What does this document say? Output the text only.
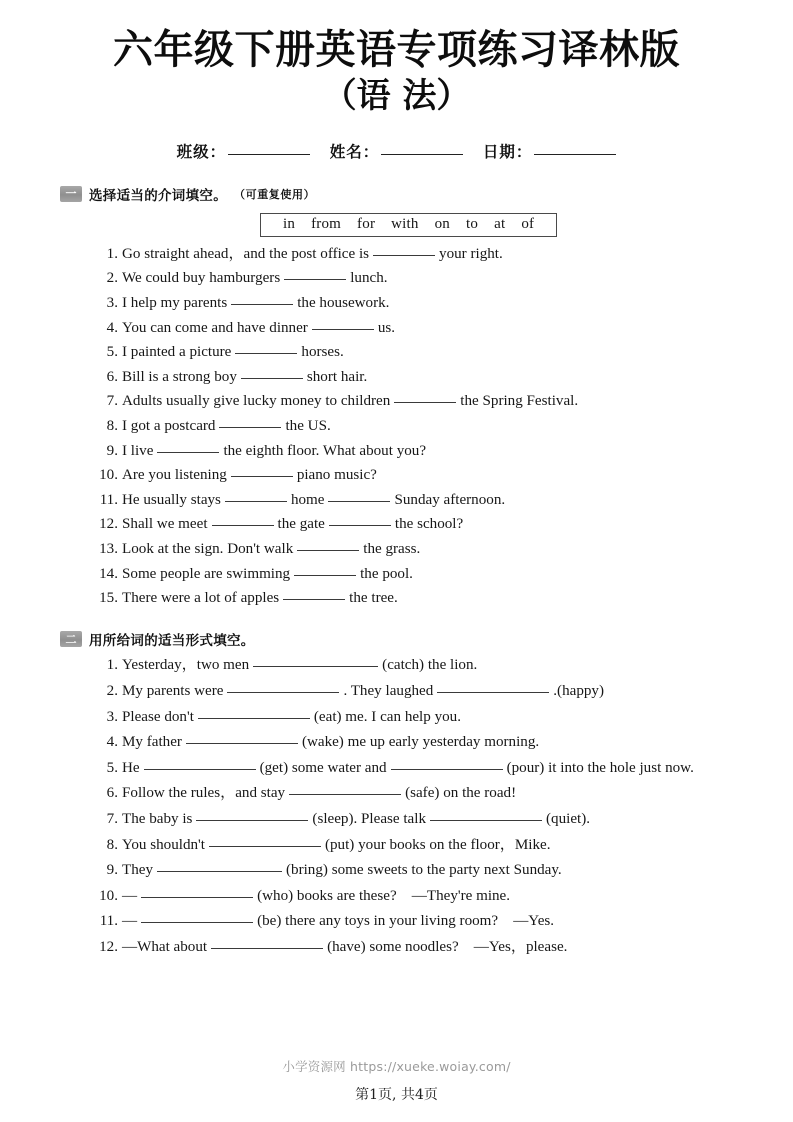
六年级下册英语专项练习译林版
（语 法）
班级：	姓名：	日期：
一 选择适当的介词填空。 （可重复使用）
in from for with on to at of
1. Go straight ahead，and the post office is	your right.
2. We could buy hamburgers	lunch.
3. I help my parents	the housework.
4. You can come and have dinner	us.
5. I painted a picture	horses.
6. Bill is a strong boy	short hair.
7. Adults usually give lucky money to children	the Spring Festival.
8. I got a postcard	the US.
9. I live	the eighth floor. What about you?
10. Are you listening	piano music?
11. He usually stays	home	Sunday afternoon.
12. Shall we meet	the gate	the school?
13. Look at the sign. Don't walk	the grass.
14. Some people are swimming	the pool.
15. There were a lot of apples	the tree.
二 用所给词的适当形式填空。
1. Yesterday，two men	(catch) the lion.
2. My parents were	. They laughed	.(happy)
3. Please don't	(eat) me. I can help you.
4. My father	(wake) me up early yesterday morning.
5. He	(get) some water and	(pour) it into the hole just now.
6. Follow the rules，and stay	(safe) on the road!
7. The baby is	(sleep). Please talk	(quiet).
8. You shouldn't	(put) your books on the floor，Mike.
9. They	(bring) some sweets to the party next Sunday.
10. —	(who) books are these?　—They're mine.
11. —	(be) there any toys in your living room?　—Yes.
12. —What about	(have) some noodles?　—Yes，please.
小学资源网 https://xueke.woiay.com/
第1页, 共4页
